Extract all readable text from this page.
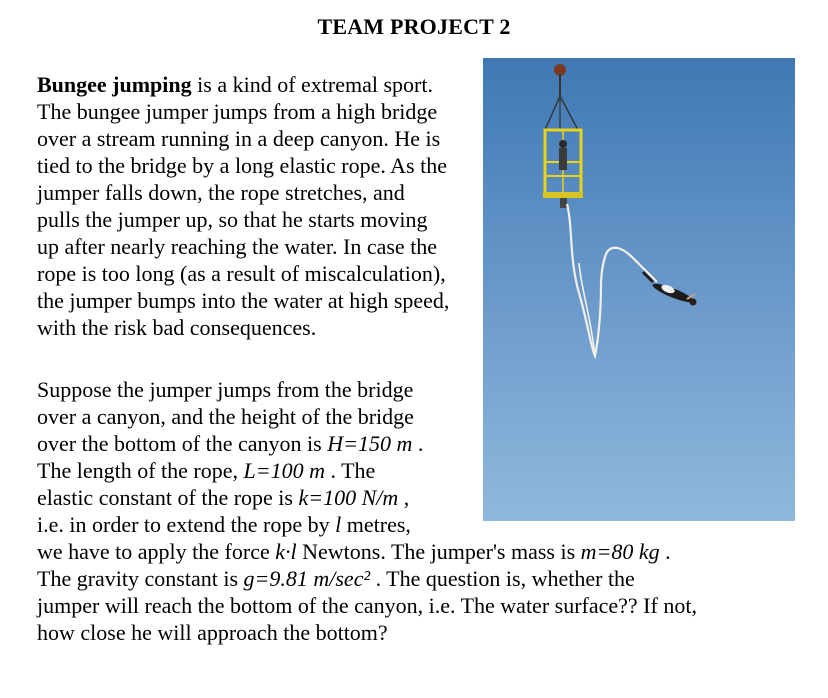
TEAM PROJECT 2
Bungee jumping is a kind of extremal sport.
The bungee jumper jumps from a high bridge
over a stream running in a deep canyon. He is
tied to the bridge by a long elastic rope. As the
jumper falls down, the rope stretches, and
pulls the jumper up, so that he starts moving
up after nearly reaching the water. In case the
rope is too long (as a result of miscalculation),
the jumper bumps into the water at high speed,
with the risk bad consequences.
Suppose the jumper jumps from the bridge
over a canyon, and the height of the bridge
over the bottom of the canyon is H=150 m .
The length of the rope, L=100 m . The
elastic constant of the rope is k=100 N/m ,
i.e. in order to extend the rope by l metres,
we have to apply the force k·l Newtons. The jumper's mass is m=80 kg .
The gravity constant is g=9.81 m/sec² . The question is, whether the
jumper will reach the bottom of the canyon, i.e. The water surface?? If not,
how close he will approach the bottom?
